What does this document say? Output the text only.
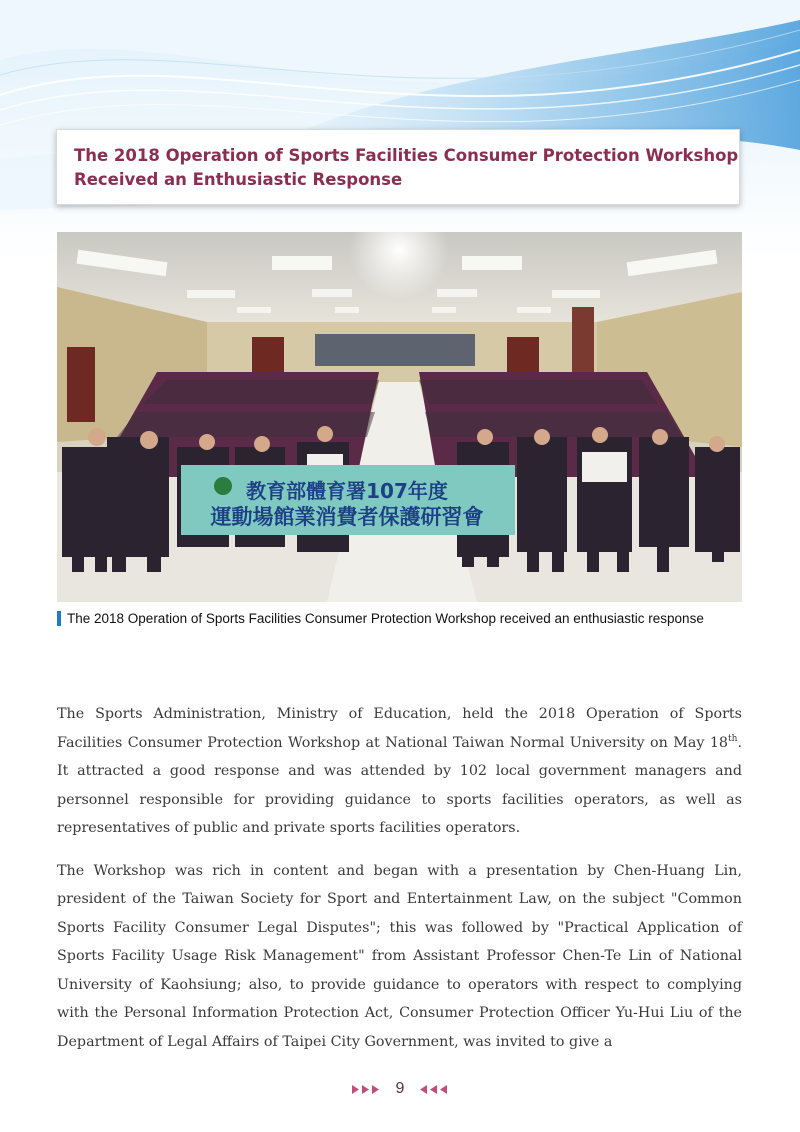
The 2018 Operation of Sports Facilities Consumer Protection Workshop
Received an Enthusiastic Response
教育部體育署107年度
運動場館業消費者保護研習會
The 2018 Operation of Sports Facilities Consumer Protection Workshop received an enthusiastic response

The Sports Administration, Ministry of Education, held the 2018 Operation of Sports Facilities Consumer Protection Workshop at National Taiwan Normal University on May 18th. It attracted a good response and was attended by 102 local government managers and personnel responsible for providing guidance to sports facilities operators, as well as representatives of public and private sports facilities operators.

The Workshop was rich in content and began with a presentation by Chen-Huang Lin, president of the Taiwan Society for Sport and Entertainment Law, on the subject "Common Sports Facility Consumer Legal Disputes"; this was followed by "Practical Application of Sports Facility Usage Risk Management" from Assistant Professor Chen-Te Lin of National University of Kaohsiung; also, to provide guidance to operators with respect to complying with the Personal Information Protection Act, Consumer Protection Officer Yu-Hui Liu of the Department of Legal Affairs of Taipei City Government, was invited to give a

9
